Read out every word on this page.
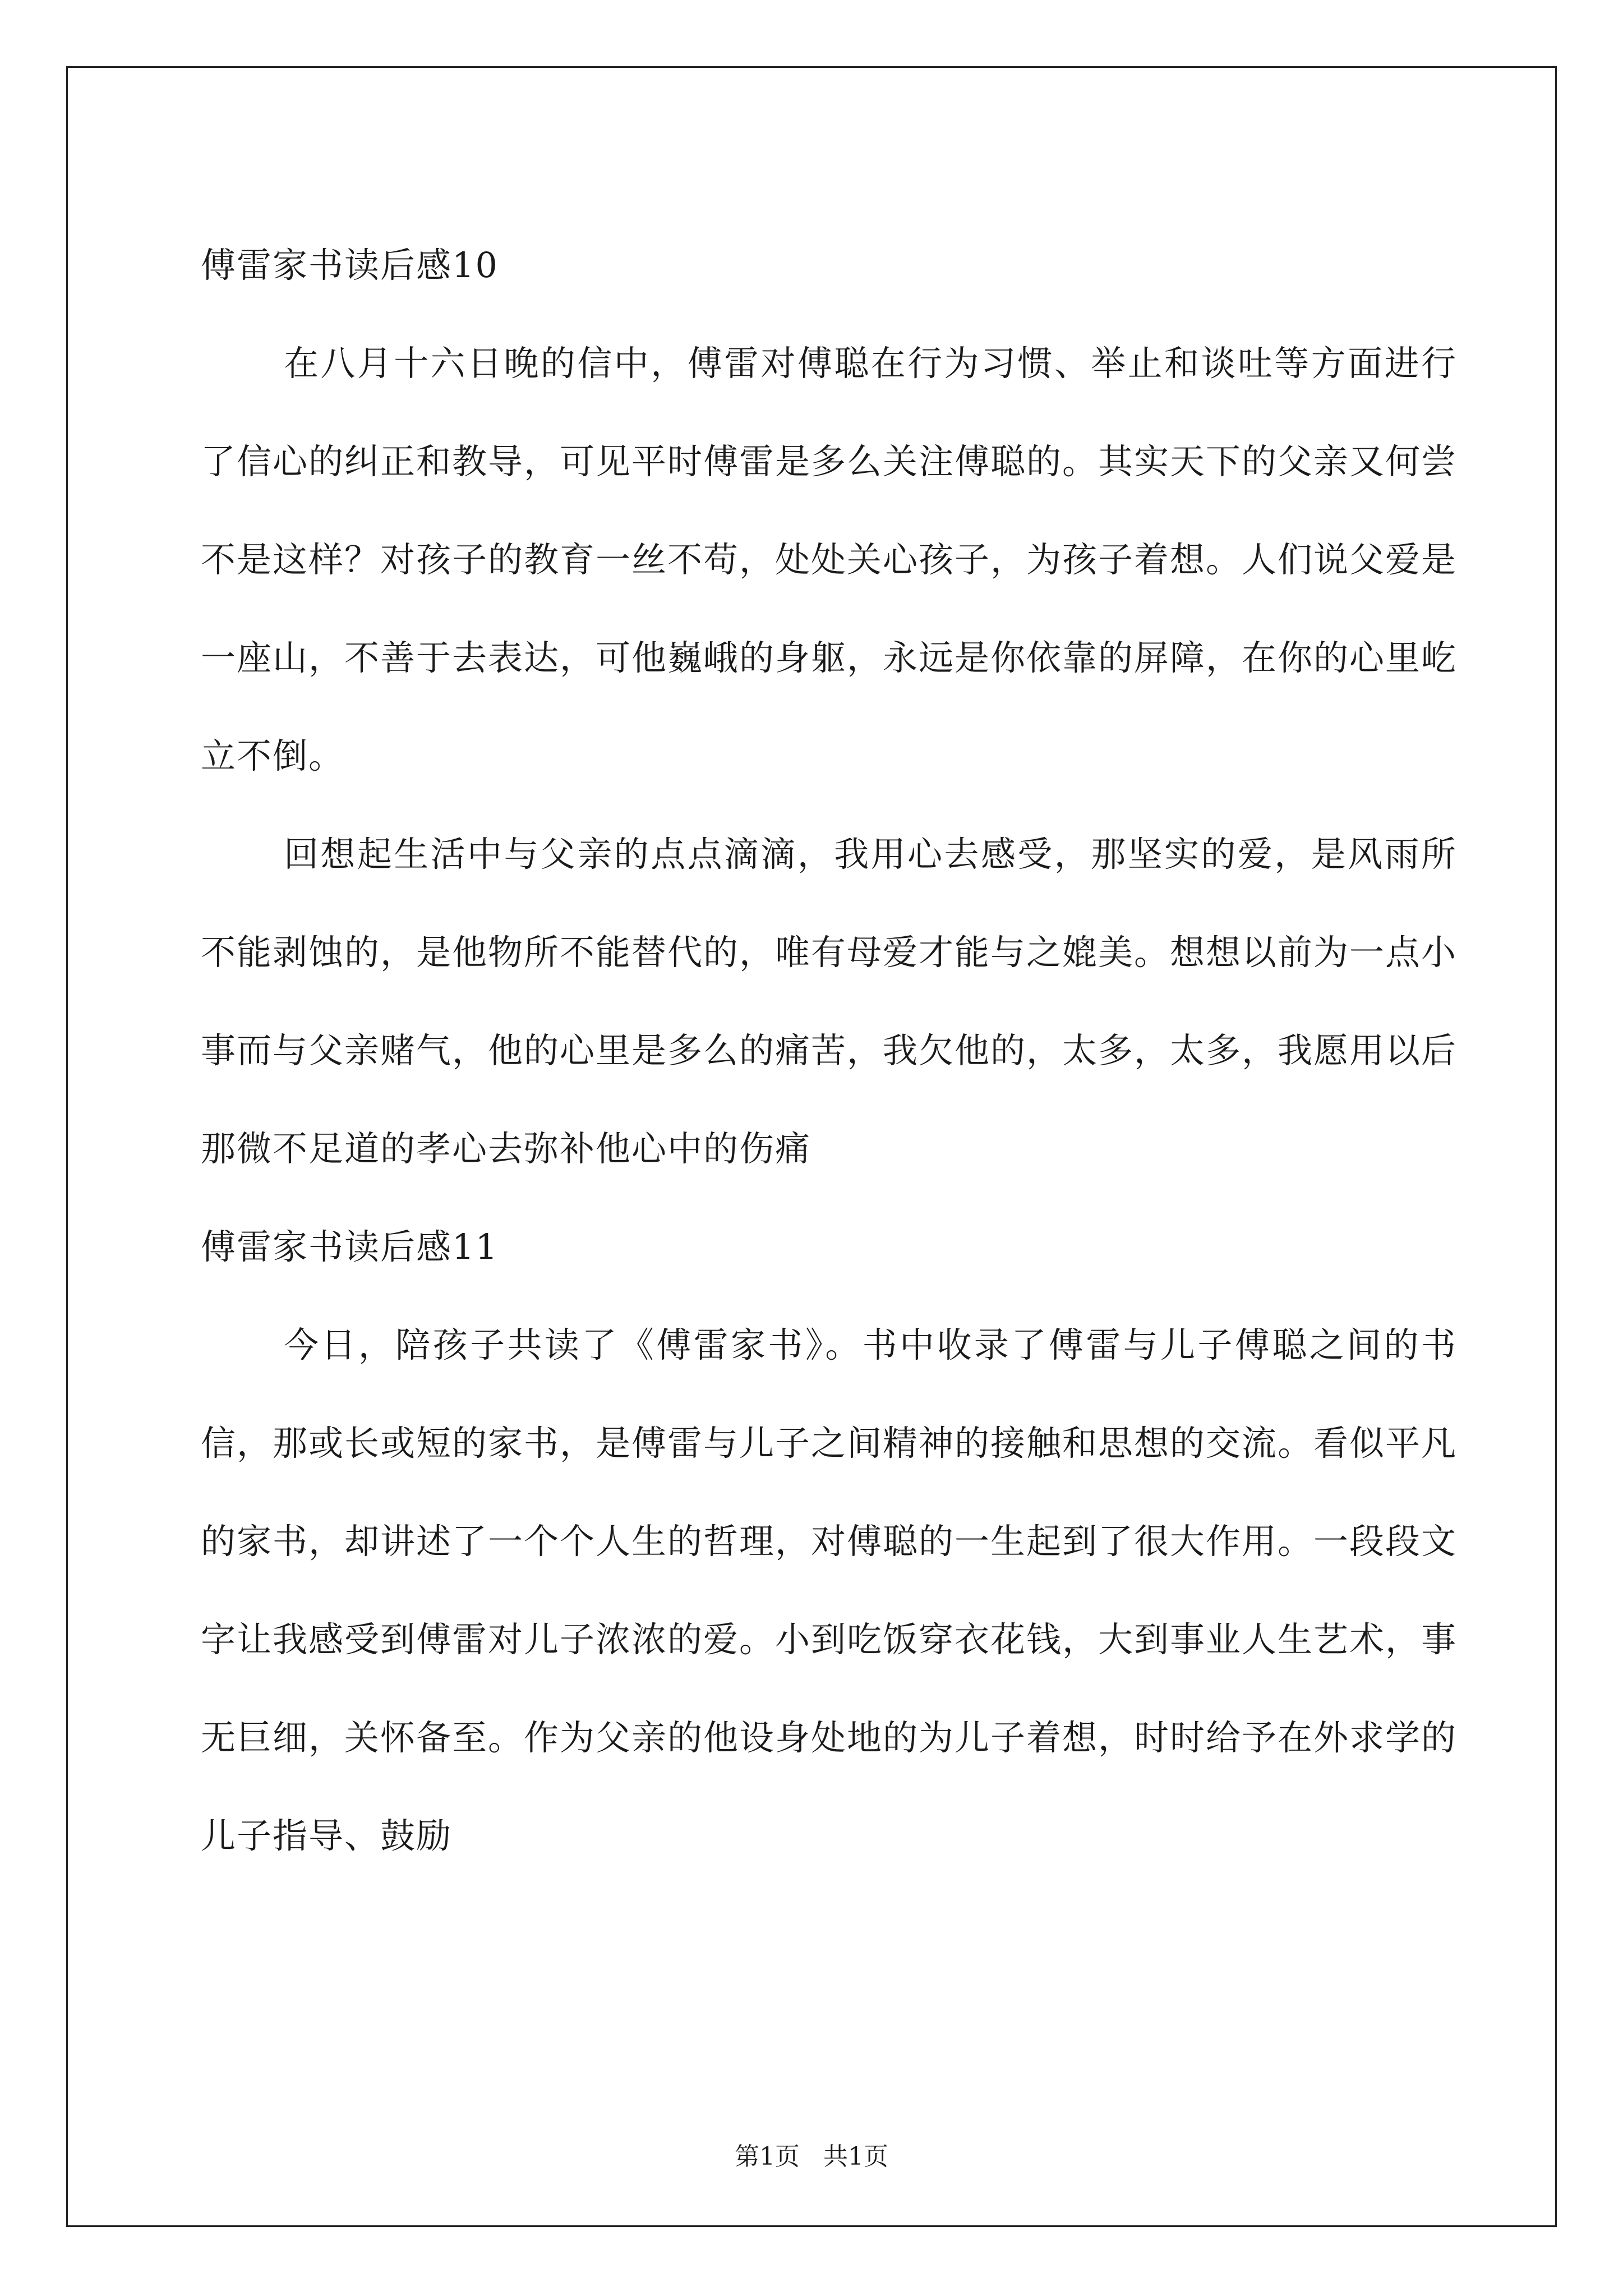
傅雷家书读后感10
在八月十六日晚的信中，傅雷对傅聪在行为习惯、举止和谈吐等方面进行了信心的纠正和教导，可见平时傅雷是多么关注傅聪的。其实天下的父亲又何尝不是这样？对孩子的教育一丝不苟，处处关心孩子，为孩子着想。人们说父爱是一座山，不善于去表达，可他巍峨的身躯，永远是你依靠的屏障，在你的心里屹立不倒。
回想起生活中与父亲的点点滴滴，我用心去感受，那坚实的爱，是风雨所不能剥蚀的，是他物所不能替代的，唯有母爱才能与之媲美。想想以前为一点小事而与父亲赌气，他的心里是多么的痛苦，我欠他的，太多，太多，我愿用以后那微不足道的孝心去弥补他心中的伤痛
傅雷家书读后感11
今日，陪孩子共读了《傅雷家书》。书中收录了傅雷与儿子傅聪之间的书信，那或长或短的家书，是傅雷与儿子之间精神的接触和思想的交流。看似平凡的家书，却讲述了一个个人生的哲理，对傅聪的一生起到了很大作用。一段段文字让我感受到傅雷对儿子浓浓的爱。小到吃饭穿衣花钱，大到事业人生艺术，事无巨细，关怀备至。作为父亲的他设身处地的为儿子着想，时时给予在外求学的儿子指导、鼓励
第1页   共1页
